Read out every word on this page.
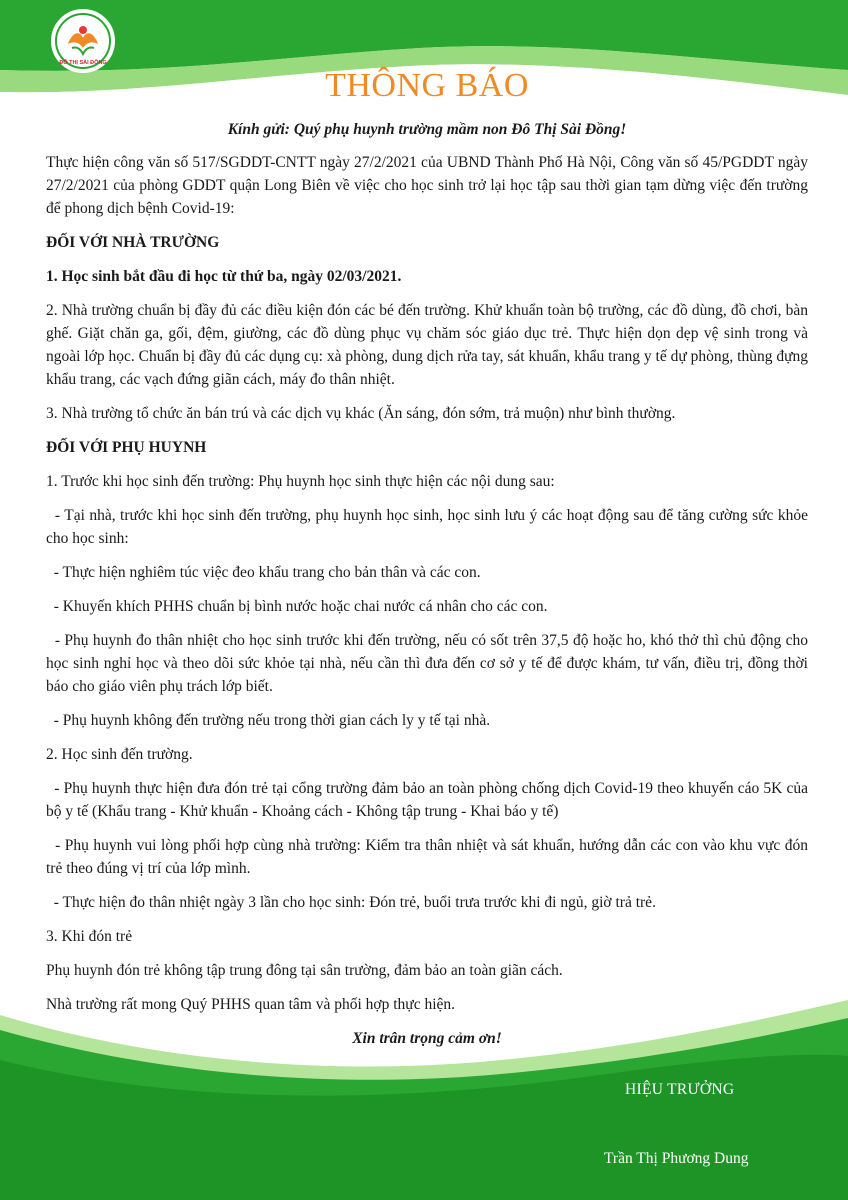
ĐÔ THỊ SÀI ĐỒNG
THÔNG BÁO
Kính gửi: Quý phụ huynh trường mầm non Đô Thị Sài Đồng!

Thực hiện công văn số 517/SGDDT-CNTT ngày 27/2/2021 của UBND Thành Phố Hà Nội, Công văn số 45/PGDDT ngày 27/2/2021 của phòng GDDT quận Long Biên về việc cho học sinh trở lại học tập sau thời gian tạm dừng việc đến trường để phong dịch bệnh Covid-19:

ĐỐI VỚI NHÀ TRƯỜNG

1. Học sinh bắt đầu đi học từ thứ ba, ngày 02/03/2021.

2. Nhà trường chuẩn bị đầy đủ các điều kiện đón các bé đến trường. Khử khuẩn toàn bộ trường, các đồ dùng, đồ chơi, bàn ghế. Giặt chăn ga, gối, đệm, giường, các đồ dùng phục vụ chăm sóc giáo dục trẻ. Thực hiện dọn dẹp vệ sinh trong và ngoài lớp học. Chuẩn bị đầy đủ các dụng cụ: xà phòng, dung dịch rửa tay, sát khuẩn, khẩu trang y tế dự phòng, thùng đựng khẩu trang, các vạch đứng giãn cách, máy đo thân nhiệt.

3. Nhà trường tổ chức ăn bán trú và các dịch vụ khác (Ăn sáng, đón sớm, trả muộn) như bình thường.

ĐỐI VỚI PHỤ HUYNH

1. Trước khi học sinh đến trường: Phụ huynh học sinh thực hiện các nội dung sau:

- Tại nhà, trước khi học sinh đến trường, phụ huynh học sinh, học sinh lưu ý các hoạt động sau để tăng cường sức khỏe cho học sinh:

- Thực hiện nghiêm túc việc đeo khẩu trang cho bản thân và các con.

- Khuyến khích PHHS chuẩn bị bình nước hoặc chai nước cá nhân cho các con.

- Phụ huynh đo thân nhiệt cho học sinh trước khi đến trường, nếu có sốt trên 37,5 độ hoặc ho, khó thở thì chủ động cho học sinh nghỉ học và theo dõi sức khỏe tại nhà, nếu cần thì đưa đến cơ sở y tế để được khám, tư vấn, điều trị, đồng thời báo cho giáo viên phụ trách lớp biết.

- Phụ huynh không đến trường nếu trong thời gian cách ly y tế tại nhà.

2. Học sinh đến trường.

- Phụ huynh thực hiện đưa đón trẻ tại cổng trường đảm bảo an toàn phòng chống dịch Covid-19 theo khuyến cáo 5K của bộ y tế (Khẩu trang - Khử khuẩn - Khoảng cách - Không tập trung - Khai báo y tế)

- Phụ huynh vui lòng phối hợp cùng nhà trường: Kiểm tra thân nhiệt và sát khuẩn, hướng dẫn các con vào khu vực đón trẻ theo đúng vị trí của lớp mình.

- Thực hiện đo thân nhiệt ngày 3 lần cho học sinh: Đón trẻ, buổi trưa trước khi đi ngủ, giờ trả trẻ.

3. Khi đón trẻ

Phụ huynh đón trẻ không tập trung đông tại sân trường, đảm bảo an toàn giãn cách.

Nhà trường rất mong Quý PHHS quan tâm và phối hợp thực hiện.

Xin trân trọng cảm ơn!
HIỆU TRƯỞNG
Trần Thị Phương Dung
